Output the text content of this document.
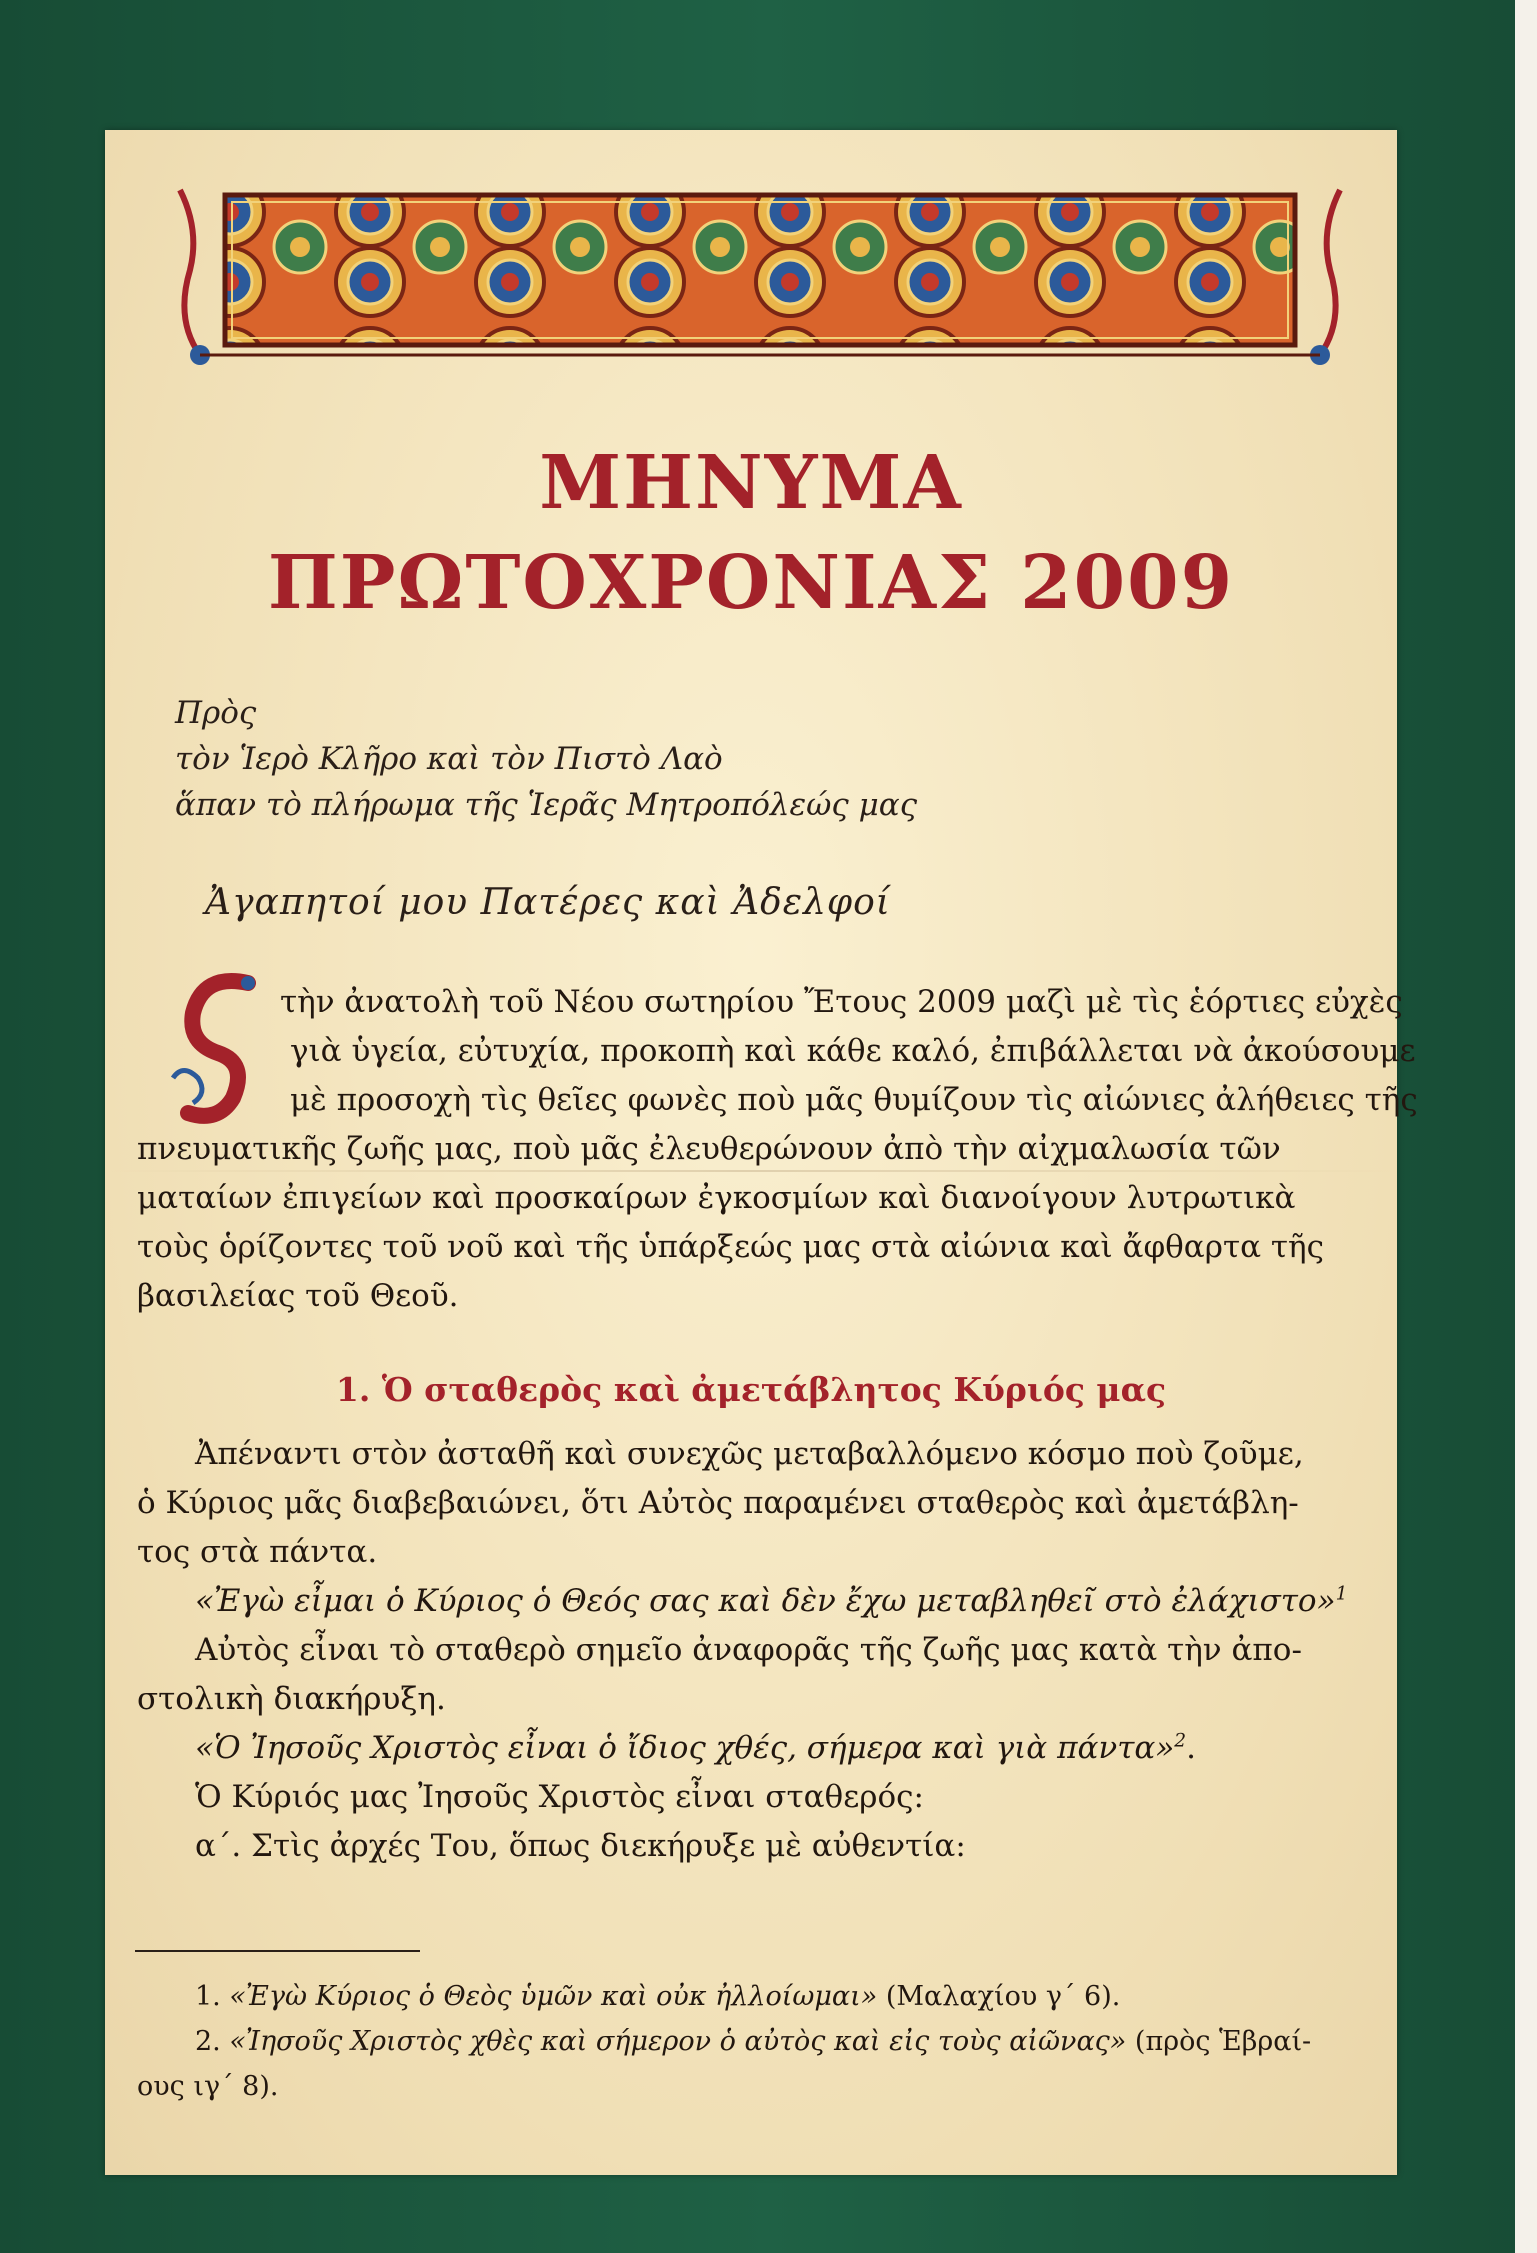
ΜΗΝΥΜΑ
ΠΡΩΤΟΧΡΟΝΙΑΣ 2009
Πρὸς
τὸν Ἱερὸ Κλῆρο καὶ τὸν Πιστὸ Λαὸ
ἅπαν τὸ πλήρωμα τῆς Ἱερᾶς Μητροπόλεώς μας
Ἀγαπητοί μου Πατέρες καὶ Ἀδελφοί
Σ

τὴν ἀνατολὴ τοῦ Νέου σωτηρίου Ἔτους 2009 μαζὶ μὲ τὶς ἑόρτιες εὐχὲς

γιὰ ὑγεία, εὐτυχία, προκοπὴ καὶ κάθε καλό, ἐπιβάλλεται νὰ ἀκούσουμε

μὲ προσοχὴ τὶς θεῖες φωνὲς ποὺ μᾶς θυμίζουν τὶς αἰώνιες ἀλήθειες τῆς

πνευματικῆς ζωῆς μας, ποὺ μᾶς ἐλευθερώνουν ἀπὸ τὴν αἰχμαλωσία τῶν

ματαίων ἐπιγείων καὶ προσκαίρων ἐγκοσμίων καὶ διανοίγουν λυτρωτικὰ

τοὺς ὁρίζοντες τοῦ νοῦ καὶ τῆς ὑπάρξεώς μας στὰ αἰώνια καὶ ἄφθαρτα τῆς

βασιλείας τοῦ Θεοῦ.

1. Ὁ σταθερὸς καὶ ἀμετάβλητος Κύριός μας

Ἀπέναντι στὸν ἀσταθῆ καὶ συνεχῶς μεταβαλλόμενο κόσμο ποὺ ζοῦμε,

ὁ Κύριος μᾶς διαβεβαιώνει, ὅτι Αὐτὸς παραμένει σταθερὸς καὶ ἀμετάβλη-

τος στὰ πάντα.

«Ἐγὼ εἶμαι ὁ Κύριος ὁ Θεός σας καὶ δὲν ἔχω μεταβληθεῖ στὸ ἐλάχιστο»$^1$

Αὐτὸς εἶναι τὸ σταθερὸ σημεῖο ἀναφορᾶς τῆς ζωῆς μας κατὰ τὴν ἀπο-

στολικὴ διακήρυξη.

«Ὁ Ἰησοῦς Χριστὸς εἶναι ὁ ἴδιος χθές, σήμερα καὶ γιὰ πάντα»$^2$.

Ὁ Κύριός μας Ἰησοῦς Χριστὸς εἶναι σταθερός:

α΄. Στὶς ἀρχές Του, ὅπως διεκήρυξε μὲ αὐθεντία:

1. «Ἐγὼ Κύριος ὁ Θεὸς ὑμῶν καὶ οὐκ ἠλλοίωμαι» (Μαλαχίου γ΄ 6).
2. «Ἰησοῦς Χριστὸς χθὲς καὶ σήμερον ὁ αὐτὸς καὶ εἰς τοὺς αἰῶνας» (πρὸς Ἑβραί-
ους ιγ΄ 8).
